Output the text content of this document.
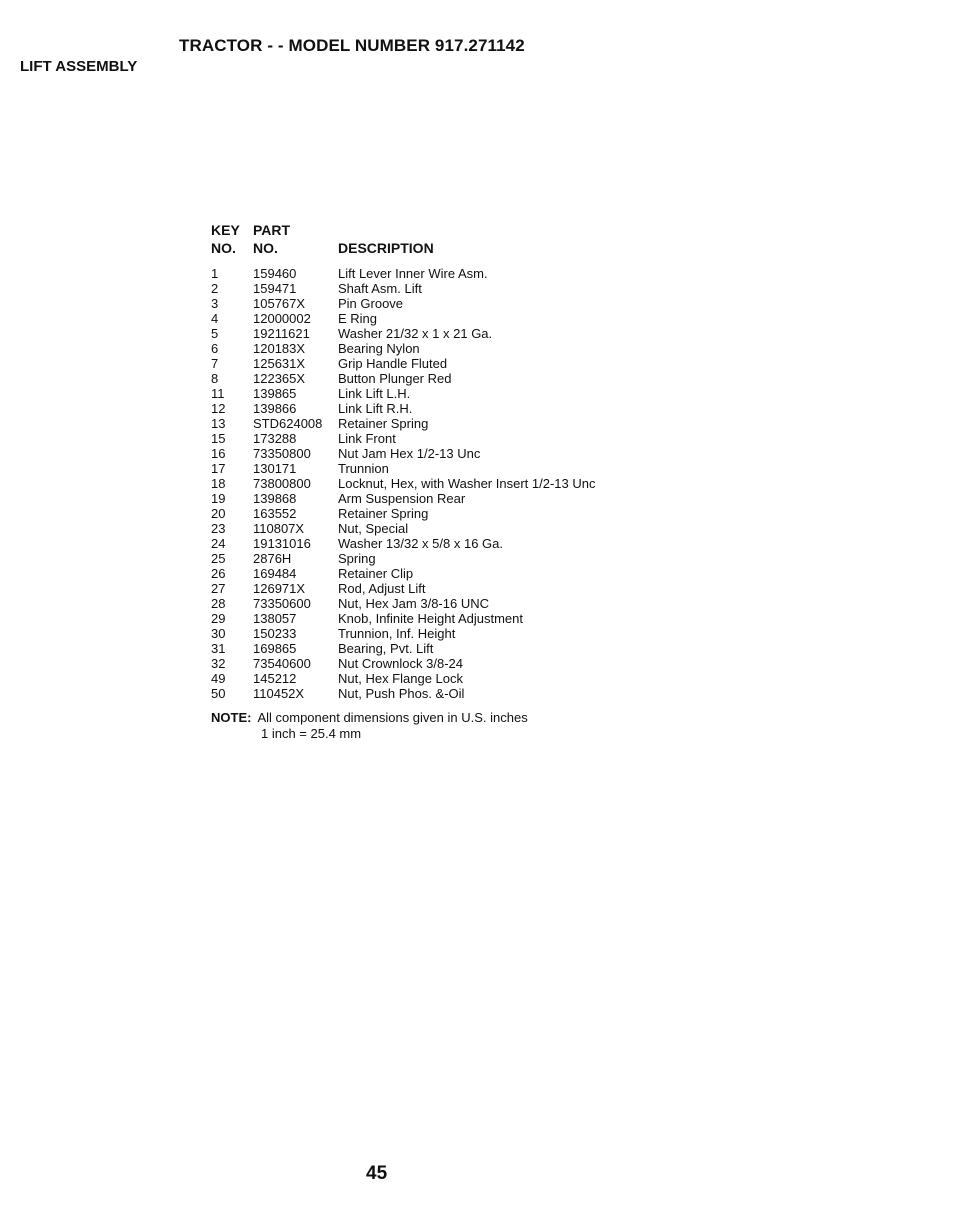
TRACTOR - - MODEL NUMBER 917.271142
LIFT ASSEMBLY
KEY
NO.
PART
NO.	DESCRIPTION
1	159460	Lift Lever Inner Wire Asm.
2	159471	Shaft Asm. Lift
3	105767X	Pin Groove
4	12000002 E Ring
5	19211621 Washer 21/32 x 1 x 21 Ga.
6	120183X	Bearing Nylon
7	125631X	Grip Handle Fluted
8	122365X	Button Plunger Red
11 139865	Link Lift L.H.
12 139866	Link Lift R.H.
13 STD624008 Retainer Spring
15 173288	Link Front
16 73350800 Nut Jam Hex 1/2-13 Unc
17 130171	Trunnion
18 73800800 Locknut, Hex, with Washer Insert 1/2-13 Unc
19 139868	Arm Suspension Rear
20 163552	Retainer Spring
23 110807X	Nut, Special
24 19131016 Washer 13/32 x 5/8 x 16 Ga.
25 2876H	Spring
26 169484	Retainer Clip
27 126971X	Rod, Adjust Lift
28 73350600 Nut, Hex Jam 3/8-16 UNC
29 138057	Knob, Infinite Height Adjustment
30 150233	Trunnion, Inf. Height
31 169865	Bearing, Pvt. Lift
32 73540600 Nut Crownlock 3/8-24
49 145212	Nut, Hex Flange Lock
50 110452X	Nut, Push Phos. &-Oil
NOTE: All component dimensions given in U.S. inches
1 inch = 25.4 mm
45
